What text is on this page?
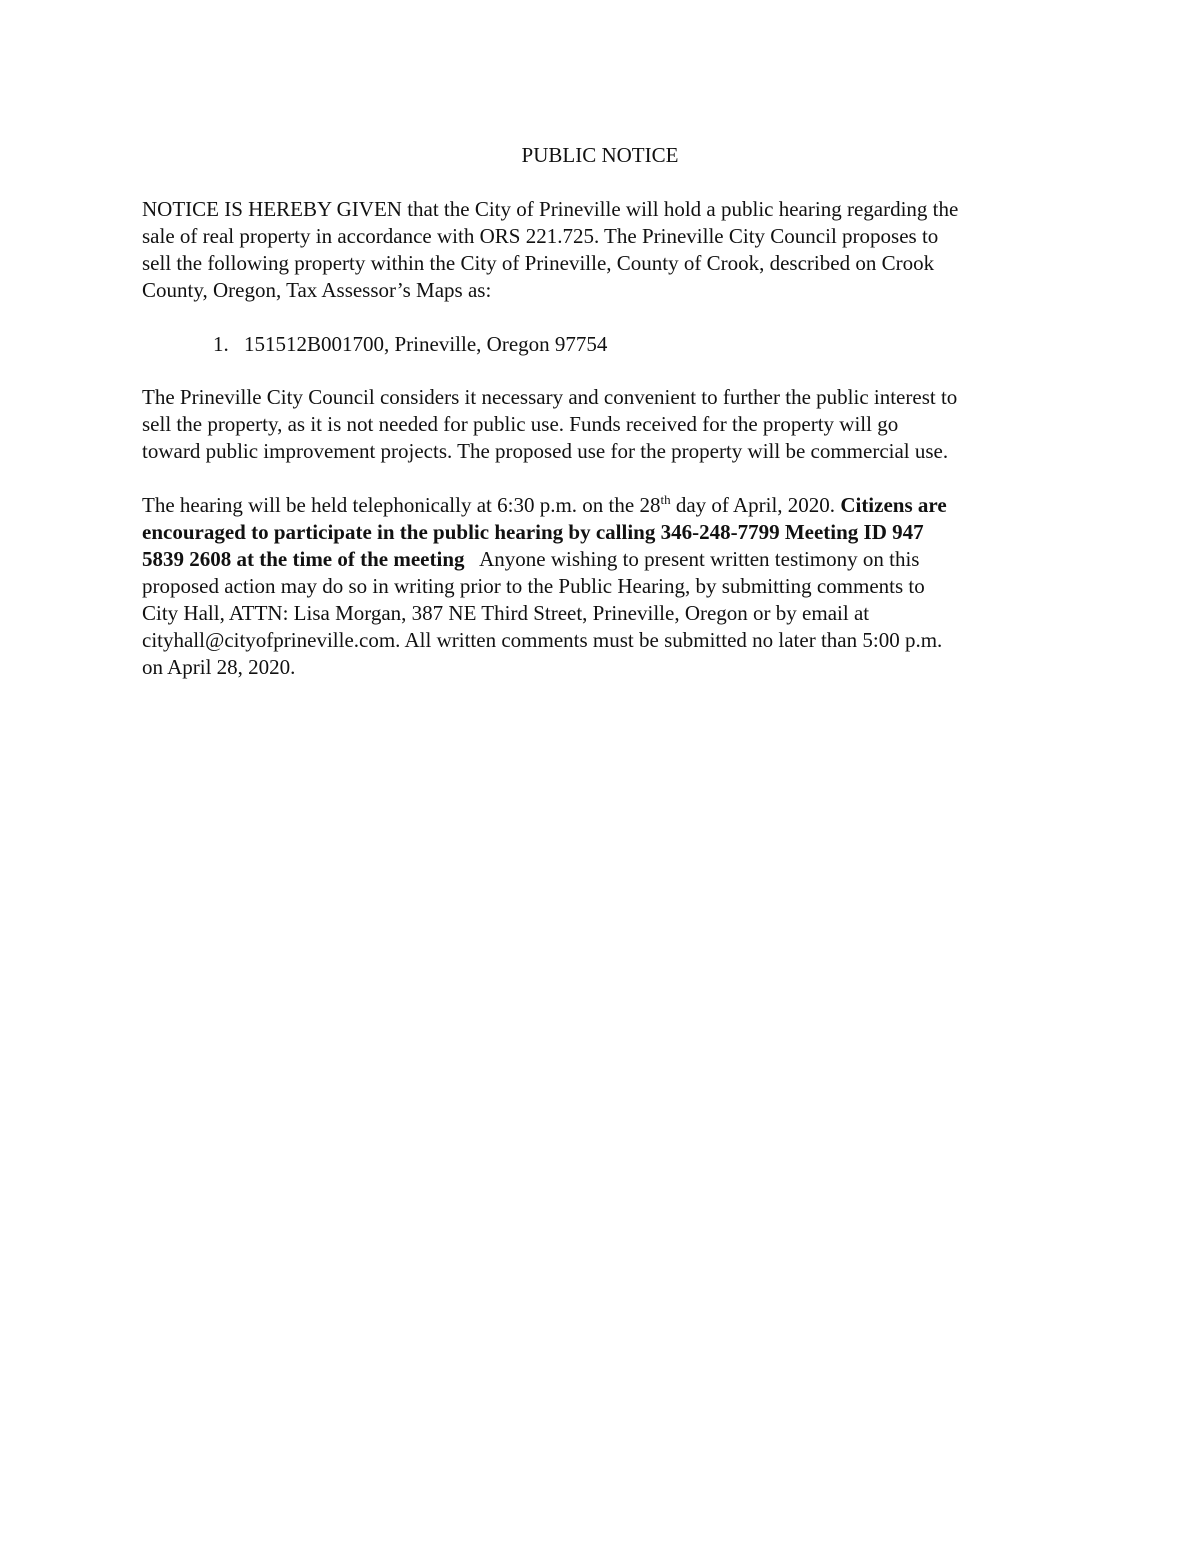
PUBLIC NOTICE
NOTICE IS HEREBY GIVEN that the City of Prineville will hold a public hearing regarding the
sale of real property in accordance with ORS 221.725. The Prineville City Council proposes to
sell the following property within the City of Prineville, County of Crook, described on Crook
County, Oregon, Tax Assessor’s Maps as:
1. 151512B001700, Prineville, Oregon 97754
The Prineville City Council considers it necessary and convenient to further the public interest to
sell the property, as it is not needed for public use. Funds received for the property will go
toward public improvement projects. The proposed use for the property will be commercial use.
The hearing will be held telephonically at 6:30 p.m. on the 28th day of April, 2020. Citizens are
encouraged to participate in the public hearing by calling 346-248-7799 Meeting ID 947
5839 2608 at the time of the meeting   Anyone wishing to present written testimony on this
proposed action may do so in writing prior to the Public Hearing, by submitting comments to
City Hall, ATTN: Lisa Morgan, 387 NE Third Street, Prineville, Oregon or by email at
cityhall@cityofprineville.com. All written comments must be submitted no later than 5:00 p.m.
on April 28, 2020.
